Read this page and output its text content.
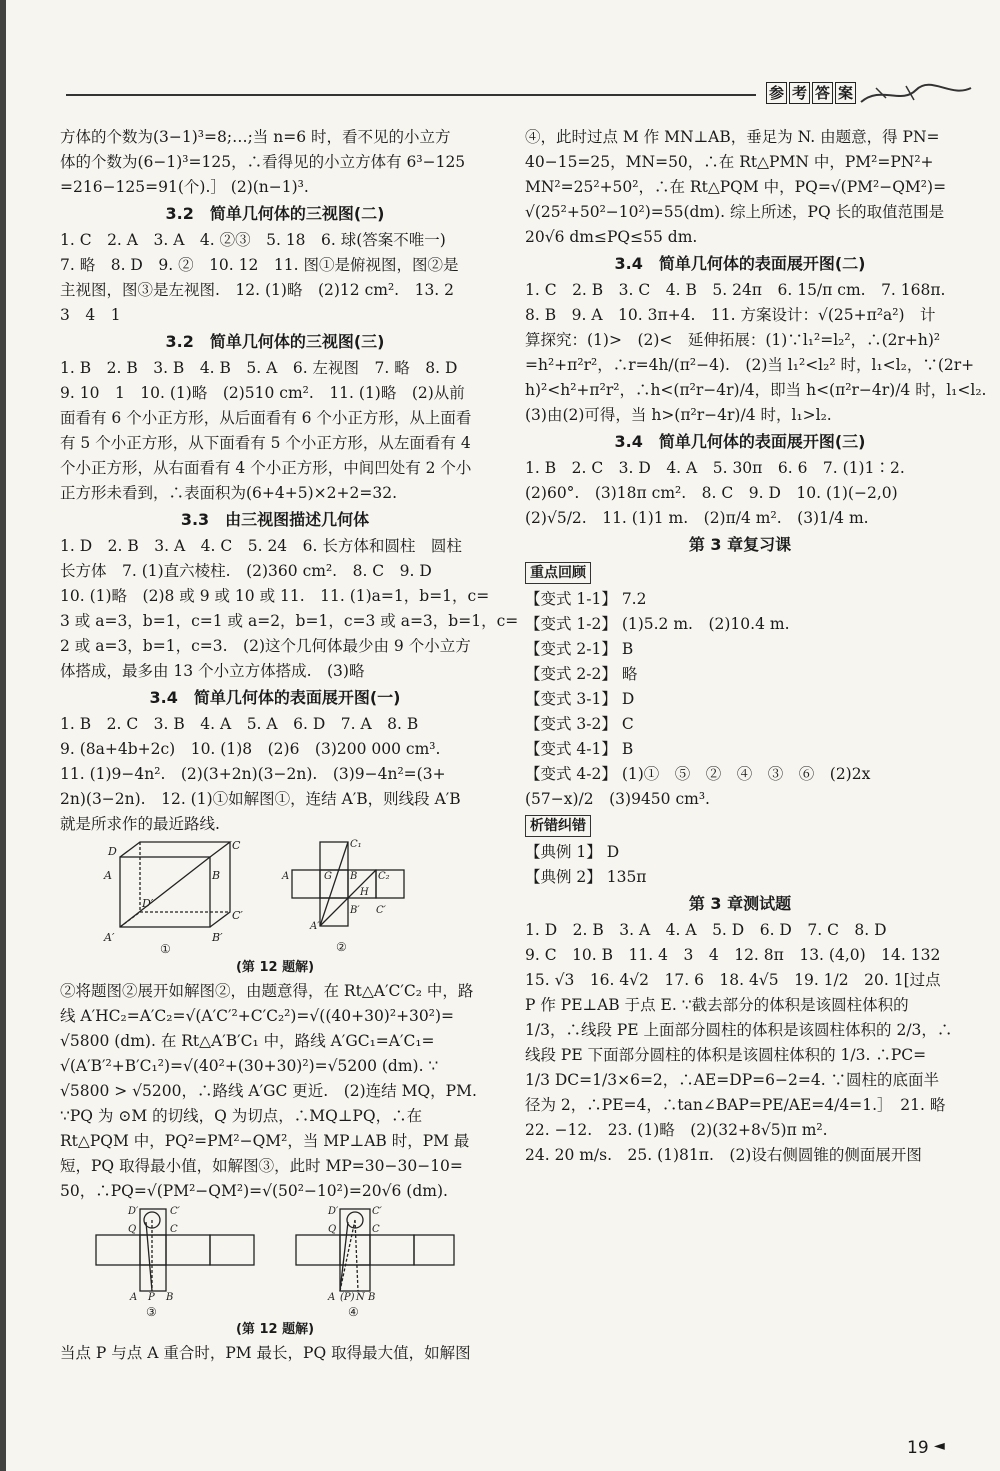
参 考 答 案
方体的个数为(3−1)³=8;…;当 n=6 时，看不见的小立方
体的个数为(6−1)³=125，∴看得见的小立方体有 6³−125
=216−125=91(个).］ (2)(n−1)³.
3.2　简单几何体的三视图(二)
1. C　2. A　3. A　4. ②③　5. 18　6. 球(答案不唯一)
7. 略　8. D　9. ②　10. 12　11. 图①是俯视图，图②是
主视图，图③是左视图.　12. (1)略　(2)12 cm².　13. 2
3　4　1
3.2　简单几何体的三视图(三)
1. B　2. B　3. B　4. B　5. A　6. 左视图　7. 略　8. D
9. 10　1　10. (1)略　(2)510 cm².　11. (1)略　(2)从前
面看有 6 个小正方形，从后面看有 6 个小正方形，从上面看
有 5 个小正方形，从下面看有 5 个小正方形，从左面看有 4
个小正方形，从右面看有 4 个小正方形，中间凹处有 2 个小
正方形未看到，∴表面积为(6+4+5)×2+2=32.
3.3　由三视图描述几何体
1. D　2. B　3. A　4. C　5. 24　6. 长方体和圆柱　圆柱
长方体　7. (1)直六棱柱.　(2)360 cm².　8. C　9. D
10. (1)略　(2)8 或 9 或 10 或 11.　11. (1)a=1，b=1，c=
3 或 a=3，b=1，c=1 或 a=2，b=1，c=3 或 a=3，b=1，c=
2 或 a=3，b=1，c=3.　(2)这个几何体最少由 9 个小立方
体搭成，最多由 13 个小立方体搭成.　(3)略
3.4　简单几何体的表面展开图(一)
1. B　2. C　3. B　4. A　5. A　6. D　7. A　8. B
9. (8a+4b+2c)　10. (1)8　(2)6　(3)200 000 cm³.
11. (1)9−4n².　(2)(3+2n)(3−2n).　(3)9−4n²=(3+
2n)(3−2n).　12. (1)①如解图①，连结 A′B，则线段 A′B
就是所求作的最近路线.
D	C
A	B
D′
C′
A′	B′
①
C₁
A	G B C₂
H
A′
B′ C′
②
(第 12 题解)
②将题图②展开如解图②，由题意得，在 Rt△A′C′C₂ 中，路
线 A′HC₂=A′C₂=√(A′C′²+C′C₂²)=√((40+30)²+30²)=
√5800 (dm). 在 Rt△A′B′C₁ 中，路线 A′GC₁=A′C₁=
√(A′B′²+B′C₁²)=√(40²+(30+30)²)=√5200 (dm). ∵
√5800 > √5200，∴路线 A′GC 更近.　(2)连结 MQ，PM.
∵PQ 为 ⊙M 的切线，Q 为切点，∴MQ⊥PQ，∴在
Rt△PQM 中，PQ²=PM²−QM²，当 MP⊥AB 时，PM 最
短，PQ 取得最小值，如解图③，此时 MP=30−30−10=
50，∴PQ=√(PM²−QM²)=√(50²−10²)=20√6 (dm).
D′	C′
Q	C
A P B
③
D′	C′
Q	C
A (P) N B
④
(第 12 题解)
当点 P 与点 A 重合时，PM 最长，PQ 取得最大值，如解图
④，此时过点 M 作 MN⊥AB，垂足为 N. 由题意，得 PN=
40−15=25，MN=50，∴在 Rt△PMN 中，PM²=PN²+
MN²=25²+50²，∴在 Rt△PQM 中，PQ=√(PM²−QM²)=
√(25²+50²−10²)=55(dm). 综上所述，PQ 长的取值范围是
20√6 dm≤PQ≤55 dm.
3.4　简单几何体的表面展开图(二)
1. C　2. B　3. C　4. B　5. 24π　6. 15/π cm.　7. 168π.
8. B　9. A　10. 3π+4.　11. 方案设计：√(25+π²a²)　计
算探究：(1)>　(2)<　延伸拓展：(1)∵l₁²=l₂²，∴(2r+h)²
=h²+π²r²，∴r=4h/(π²−4).　(2)当 l₁²<l₂² 时，l₁<l₂，∵(2r+
h)²<h²+π²r²，∴h<(π²r−4r)/4，即当 h<(π²r−4r)/4 时，l₁<l₂.
(3)由(2)可得，当 h>(π²r−4r)/4 时，l₁>l₂.
3.4　简单几何体的表面展开图(三)
1. B　2. C　3. D　4. A　5. 30π　6. 6　7. (1)1∶2.
(2)60°.　(3)18π cm².　8. C　9. D　10. (1)(−2,0)
(2)√5/2.　11. (1)1 m.　(2)π/4 m².　(3)1/4 m.
第 3 章复习课
重点回顾
【变式 1-1】 7.2
【变式 1-2】 (1)5.2 m.　(2)10.4 m.
【变式 2-1】 B
【变式 2-2】 略
【变式 3-1】 D
【变式 3-2】 C
【变式 4-1】 B
【变式 4-2】 (1)①　⑤　②　④　③　⑥　(2)2x
(57−x)/2　(3)9450 cm³.
析错纠错
【典例 1】 D
【典例 2】 135π
第 3 章测试题
1. D　2. B　3. A　4. A　5. D　6. D　7. C　8. D
9. C　10. B　11. 4　3　4　12. 8π　13. (4,0)　14. 132
15. √3　16. 4√2　17. 6　18. 4√5　19. 1/2　20. 1[过点
P 作 PE⊥AB 于点 E. ∵截去部分的体积是该圆柱体积的
1/3，∴线段 PE 上面部分圆柱的体积是该圆柱体积的 2/3，∴
线段 PE 下面部分圆柱的体积是该圆柱体积的 1/3. ∴PC=
1/3 DC=1/3×6=2，∴AE=DP=6−2=4. ∵圆柱的底面半
径为 2，∴PE=4，∴tan∠BAP=PE/AE=4/4=1.］　21. 略
22. −12.　23. (1)略　(2)(32+8√5)π m².
24. 20 m/s.　25. (1)81π.　(2)设右侧圆锥的侧面展开图
19 ◄
